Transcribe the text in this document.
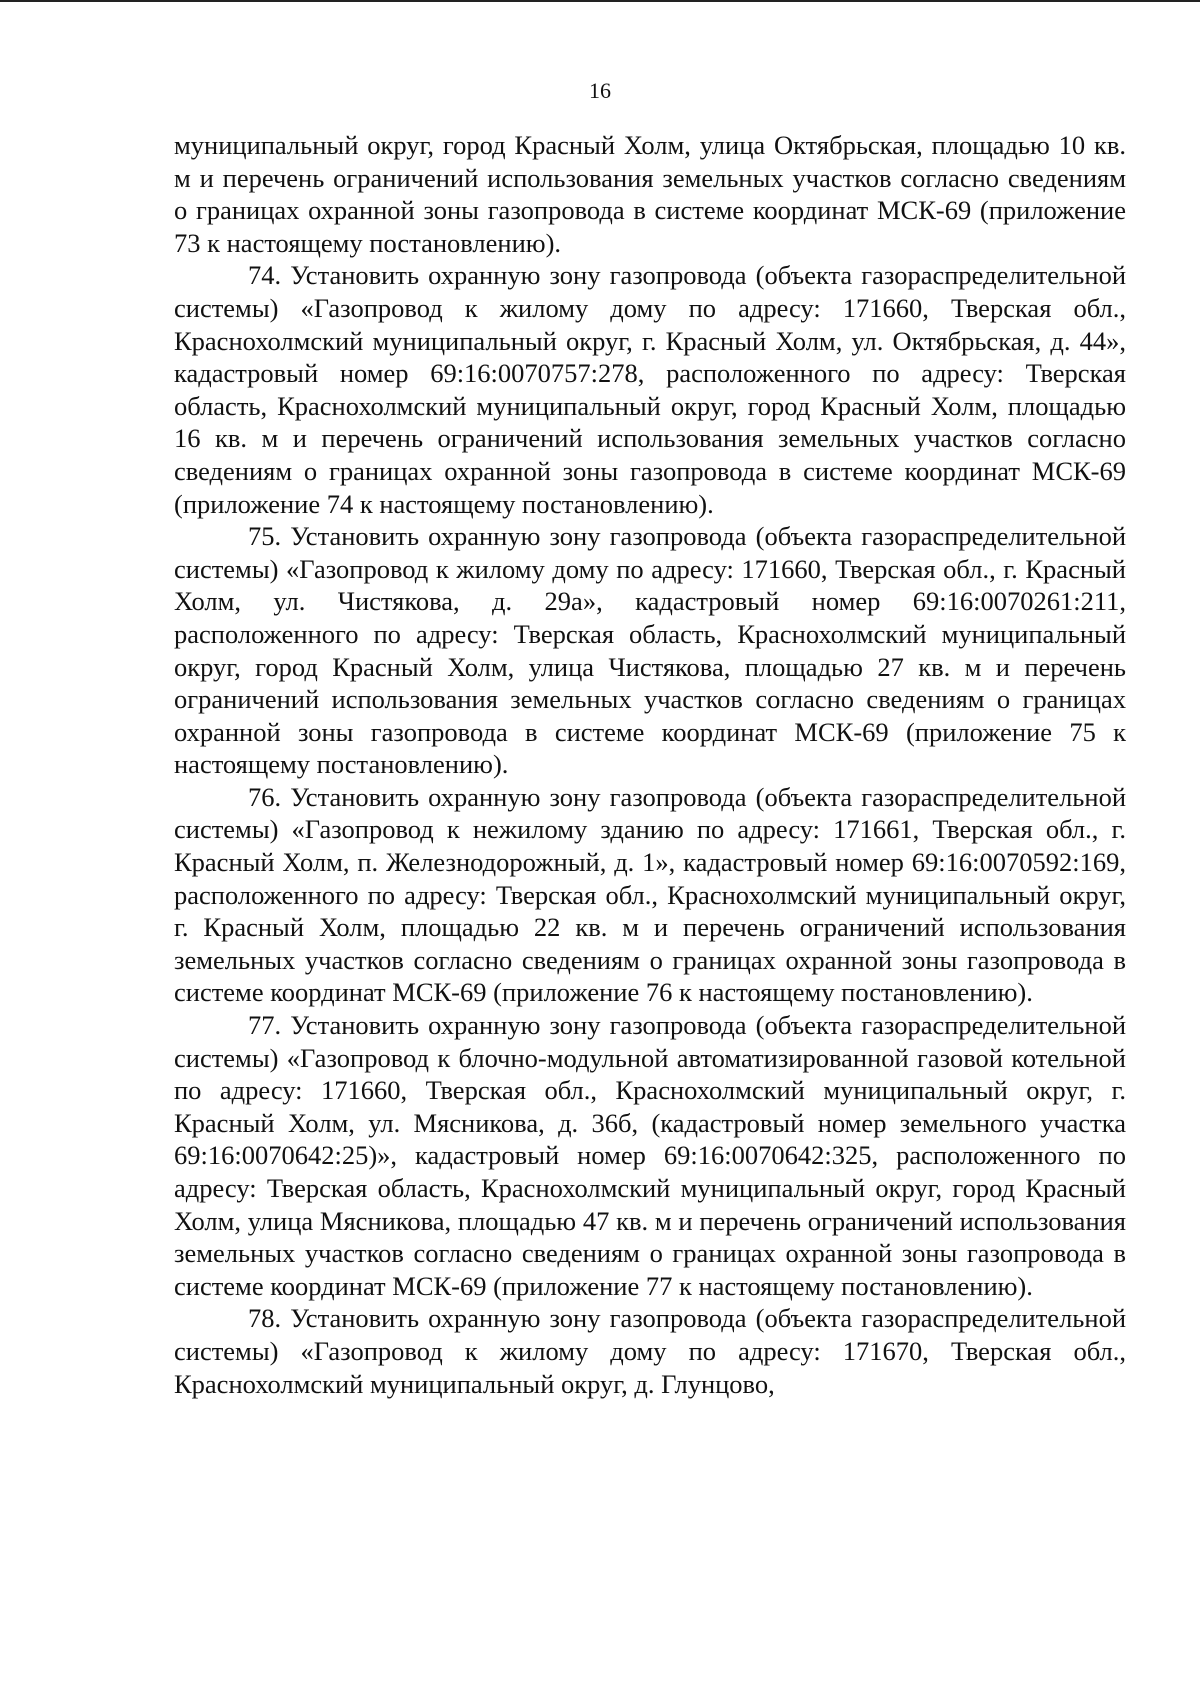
16

муниципальный округ, город Красный Холм, улица Октябрьская, площадью 10 кв. м и перечень ограничений использования земельных участков согласно сведениям о границах охранной зоны газопровода в системе координат МСК-69 (приложение 73 к настоящему постановлению).

74. Установить охранную зону газопровода (объекта газораспределительной системы) «Газопровод к жилому дому по адресу: 171660, Тверская обл., Краснохолмский муниципальный округ, г. Красный Холм, ул. Октябрьская, д. 44», кадастровый номер 69:16:0070757:278, расположенного по адресу: Тверская область, Краснохолмский муниципальный округ, город Красный Холм, площадью 16 кв. м и перечень ограничений использования земельных участков согласно сведениям о границах охранной зоны газопровода в системе координат МСК-69 (приложение 74 к настоящему постановлению).

75. Установить охранную зону газопровода (объекта газораспределительной системы) «Газопровод к жилому дому по адресу: 171660, Тверская обл., г. Красный Холм, ул. Чистякова, д. 29а», кадастровый номер 69:16:0070261:211, расположенного по адресу: Тверская область, Краснохолмский муниципальный округ, город Красный Холм, улица Чистякова, площадью 27 кв. м и перечень ограничений использования земельных участков согласно сведениям о границах охранной зоны газопровода в системе координат МСК-69 (приложение 75 к настоящему постановлению).

76. Установить охранную зону газопровода (объекта газораспределительной системы) «Газопровод к нежилому зданию по адресу: 171661, Тверская обл., г. Красный Холм, п. Железнодорожный, д. 1», кадастровый номер 69:16:0070592:169, расположенного по адресу: Тверская обл., Краснохолмский муниципальный округ, г. Красный Холм, площадью 22 кв. м и перечень ограничений использования земельных участков согласно сведениям о границах охранной зоны газопровода в системе координат МСК-69 (приложение 76 к настоящему постановлению).

77. Установить охранную зону газопровода (объекта газораспределительной системы) «Газопровод к блочно-модульной автоматизированной газовой котельной по адресу: 171660, Тверская обл., Краснохолмский муниципальный округ, г. Красный Холм, ул. Мясникова, д. 36б, (кадастровый номер земельного участка 69:16:0070642:25)», кадастровый номер 69:16:0070642:325, расположенного по адресу: Тверская область, Краснохолмский муниципальный округ, город Красный Холм, улица Мясникова, площадью 47 кв. м и перечень ограничений использования земельных участков согласно сведениям о границах охранной зоны газопровода в системе координат МСК-69 (приложение 77 к настоящему постановлению).

78. Установить охранную зону газопровода (объекта газораспределительной системы) «Газопровод к жилому дому по адресу: 171670, Тверская обл., Краснохолмский муниципальный округ, д. Глунцово,
